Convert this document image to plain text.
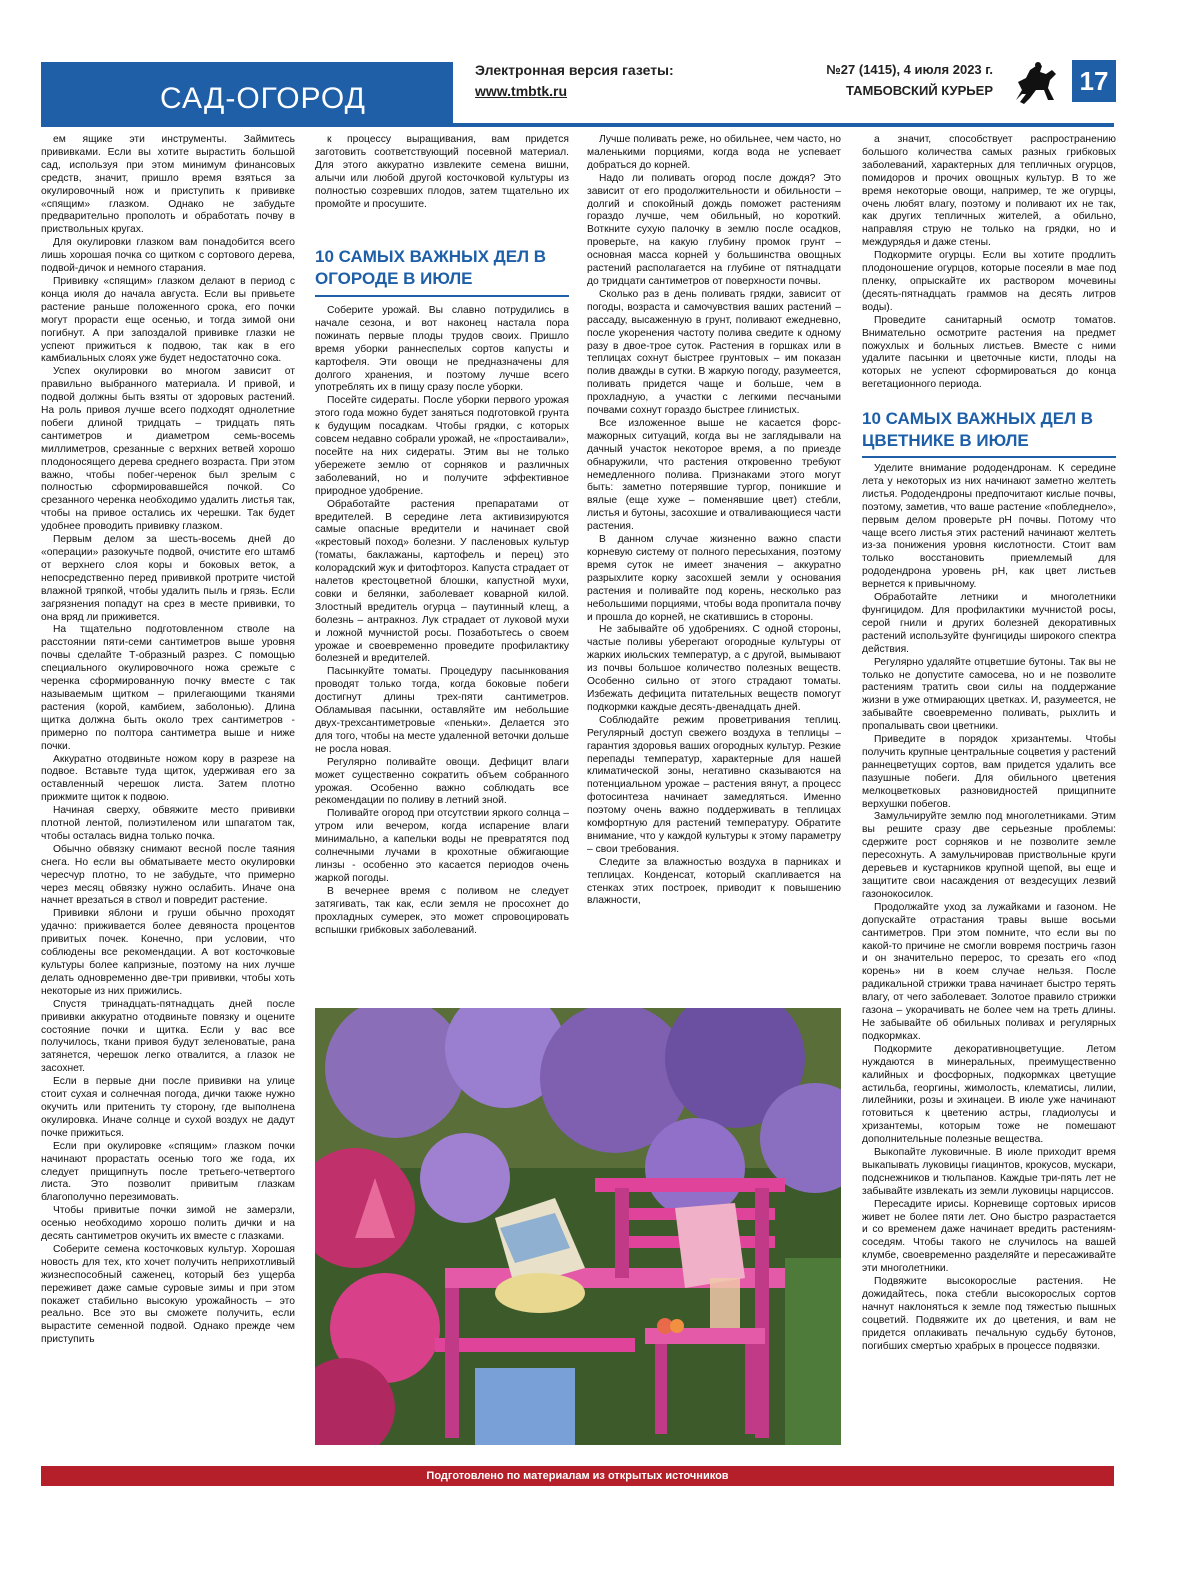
САД-ОГОРОД
Электронная версия газеты:
www.tmbtk.ru
№27 (1415), 4 июля 2023 г.
ТАМБОВСКИЙ КУРЬЕР	17

ем ящике эти инструменты. Займитесь прививками. Если вы хотите вырастить большой сад, используя при этом минимум финансовых средств, значит, пришло время взяться за окулировочный нож и приступить к прививке «спящим» глазком. Однако не забудьте предварительно прополоть и обработать почву в приствольных кругах.

Для окулировки глазком вам понадобится всего лишь хорошая почка со щитком с сортового дерева, подвой-дичок и немного старания.

Прививку «спящим» глазком делают в период с конца июля до начала августа. Если вы привьете растение раньше положенного срока, его почки могут прорасти еще осенью, и тогда зимой они погибнут. А при запоздалой прививке глазки не успеют прижиться к подвою, так как в его камбиальных слоях уже будет недостаточно сока.

Успех окулировки во многом зависит от правильно выбранного материала. И привой, и подвой должны быть взяты от здоровых растений. На роль привоя лучше всего подходят однолетние побеги длиной тридцать – тридцать пять сантиметров и диаметром семь-восемь миллиметров, срезанные с верхних ветвей хорошо плодоносящего дерева среднего возраста. При этом важно, чтобы побег-черенок был зрелым с полностью сформировавшейся почкой. Со срезанного черенка необходимо удалить листья так, чтобы на привое остались их черешки. Так будет удобнее проводить прививку глазком.

Первым делом за шесть-восемь дней до «операции» разокучьте подвой, очистите его штамб от верхнего слоя коры и боковых веток, а непосредственно перед прививкой протрите чистой влажной тряпкой, чтобы удалить пыль и грязь. Если загрязнения попадут на срез в месте прививки, то она вряд ли приживется.

На тщательно подготовленном стволе на расстоянии пяти-семи сантиметров выше уровня почвы сделайте Т-образный разрез. С помощью специального окулировочного ножа срежьте с черенка сформированную почку вместе с так называемым щитком – прилегающими тканями растения (корой, камбием, заболонью). Длина щитка должна быть около трех сантиметров - примерно по полтора сантиметра выше и ниже почки.

Аккуратно отодвиньте ножом кору в разрезе на подвое. Вставьте туда щиток, удерживая его за оставленный черешок листа. Затем плотно прижмите щиток к подвою.

Начиная сверху, обвяжите место прививки плотной лентой, полиэтиленом или шпагатом так, чтобы осталась видна только почка.

Обычно обвязку снимают весной после таяния снега. Но если вы обматываете место окулировки чересчур плотно, то не забудьте, что примерно через месяц обвязку нужно ослабить. Иначе она начнет врезаться в ствол и повредит растение.

Прививки яблони и груши обычно проходят удачно: приживается более девяноста процентов привитых почек. Конечно, при условии, что соблюдены все рекомендации. А вот косточковые культуры более капризные, поэтому на них лучше делать одновременно две-три прививки, чтобы хоть некоторые из них прижились.

Спустя тринадцать-пятнадцать дней после прививки аккуратно отодвиньте повязку и оцените состояние почки и щитка. Если у вас все получилось, ткани привоя будут зеленоватые, рана затянется, черешок легко отвалится, а глазок не засохнет.

Если в первые дни после прививки на улице стоит сухая и солнечная погода, дички также нужно окучить или притенить ту сторону, где выполнена окулировка. Иначе солнце и сухой воздух не дадут почке прижиться.

Если при окулировке «спящим» глазком почки начинают прорастать осенью того же года, их следует прищипнуть после третьего-четвертого листа. Это позволит привитым глазкам благополучно перезимовать.

Чтобы привитые почки зимой не замерзли, осенью необходимо хорошо полить дички и на десять сантиметров окучить их вместе с глазками.

Соберите семена косточковых культур. Хорошая новость для тех, кто хочет получить неприхотливый жизнеспособный саженец, который без ущерба переживет даже самые суровые зимы и при этом покажет стабильно высокую урожайность – это реально. Все это вы сможете получить, если вырастите семенной подвой. Однако прежде чем приступить

к процессу выращивания, вам придется заготовить соответствующий посевной материал. Для этого аккуратно извлеките семена вишни, алычи или любой другой косточковой культуры из полностью созревших плодов, затем тщательно их промойте и просушите.

10 САМЫХ ВАЖНЫХ ДЕЛ В ОГОРОДЕ В ИЮЛЕ

Соберите урожай. Вы славно потрудились в начале сезона, и вот наконец настала пора пожинать первые плоды трудов своих. Пришло время уборки раннеспелых сортов капусты и картофеля. Эти овощи не предназначены для долгого хранения, и поэтому лучше всего употреблять их в пищу сразу после уборки.

Посейте сидераты. После уборки первого урожая этого года можно будет заняться подготовкой грунта к будущим посадкам. Чтобы грядки, с которых совсем недавно собрали урожай, не «простаивали», посейте на них сидераты. Этим вы не только убережете землю от сорняков и различных заболеваний, но и получите эффективное природное удобрение.

Обработайте растения препаратами от вредителей. В середине лета активизируются самые опасные вредители и начинает свой «крестовый поход» болезни. У пасленовых культур (томаты, баклажаны, картофель и перец) это колорадский жук и фитофтороз. Капуста страдает от налетов крестоцветной блошки, капустной мухи, совки и белянки, заболевает коварной килой. Злостный вредитель огурца – паутинный клещ, а болезнь – антракноз. Лук страдает от луковой мухи и ложной мучнистой росы. Позаботьтесь о своем урожае и своевременно проведите профилактику болезней и вредителей.

Пасынкуйте томаты. Процедуру пасынкования проводят только тогда, когда боковые побеги достигнут длины трех-пяти сантиметров. Обламывая пасынки, оставляйте им небольшие двух-трехсантиметровые «пеньки». Делается это для того, чтобы на месте удаленной веточки дольше не росла новая.

Регулярно поливайте овощи. Дефицит влаги может существенно сократить объем собранного урожая. Особенно важно соблюдать все рекомендации по поливу в летний зной.

Поливайте огород при отсутствии яркого солнца – утром или вечером, когда испарение влаги минимально, а капельки воды не превратятся под солнечными лучами в крохотные обжигающие линзы - особенно это касается периодов очень жаркой погоды.

В вечернее время с поливом не следует затягивать, так как, если земля не просохнет до прохладных сумерек, это может спровоцировать вспышки грибковых заболеваний.

Лучше поливать реже, но обильнее, чем часто, но маленькими порциями, когда вода не успевает добраться до корней.

Надо ли поливать огород после дождя? Это зависит от его продолжительности и обильности – долгий и спокойный дождь поможет растениям гораздо лучше, чем обильный, но короткий. Воткните сухую палочку в землю после осадков, проверьте, на какую глубину промок грунт – основная масса корней у большинства овощных растений располагается на глубине от пятнадцати до тридцати сантиметров от поверхности почвы.

Сколько раз в день поливать грядки, зависит от погоды, возраста и самочувствия ваших растений – рассаду, высаженную в грунт, поливают ежедневно, после укоренения частоту полива сведите к одному разу в двое-трое суток. Растения в горшках или в теплицах сохнут быстрее грунтовых – им показан полив дважды в сутки. В жаркую погоду, разумеется, поливать придется чаще и больше, чем в прохладную, а участки с легкими песчаными почвами сохнут гораздо быстрее глинистых.

Все изложенное выше не касается форс-мажорных ситуаций, когда вы не заглядывали на дачный участок некоторое время, а по приезде обнаружили, что растения откровенно требуют немедленного полива. Признаками этого могут быть: заметно потерявшие тургор, поникшие и вялые (еще хуже – поменявшие цвет) стебли, листья и бутоны, засохшие и отваливающиеся части растения.

В данном случае жизненно важно спасти корневую систему от полного пересыхания, поэтому время суток не имеет значения – аккуратно разрыхлите корку засохшей земли у основания растения и поливайте под корень, несколько раз небольшими порциями, чтобы вода пропитала почву и прошла до корней, не скатившись в стороны.

Не забывайте об удобрениях. С одной стороны, частые поливы уберегают огородные культуры от жарких июльских температур, а с другой, вымывают из почвы большое количество полезных веществ. Особенно сильно от этого страдают томаты. Избежать дефицита питательных веществ помогут подкормки каждые десять-двенадцать дней.

Соблюдайте режим проветривания теплиц. Регулярный доступ свежего воздуха в теплицы – гарантия здоровья ваших огородных культур. Резкие перепады температур, характерные для нашей климатической зоны, негативно сказываются на потенциальном урожае – растения вянут, а процесс фотосинтеза начинает замедляться. Именно поэтому очень важно поддерживать в теплицах комфортную для растений температуру. Обратите внимание, что у каждой культуры к этому параметру – свои требования.

Следите за влажностью воздуха в парниках и теплицах. Конденсат, который скапливается на стенках этих построек, приводит к повышению влажности,

а значит, способствует распространению большого количества самых разных грибковых заболеваний, характерных для тепличных огурцов, помидоров и прочих овощных культур. В то же время некоторые овощи, например, те же огурцы, очень любят влагу, поэтому и поливают их не так, как других тепличных жителей, а обильно, направляя струю не только на грядки, но и междурядья и даже стены.

Подкормите огурцы. Если вы хотите продлить плодоношение огурцов, которые посеяли в мае под пленку, опрыскайте их раствором мочевины (десять-пятнадцать граммов на десять литров воды).

Проведите санитарный осмотр томатов. Внимательно осмотрите растения на предмет пожухлых и больных листьев. Вместе с ними удалите пасынки и цветочные кисти, плоды на которых не успеют сформироваться до конца вегетационного периода.

10 САМЫХ ВАЖНЫХ ДЕЛ В ЦВЕТНИКЕ В ИЮЛЕ

Уделите внимание рододендронам. К середине лета у некоторых из них начинают заметно желтеть листья. Рододендроны предпочитают кислые почвы, поэтому, заметив, что ваше растение «побледнело», первым делом проверьте pH почвы. Потому что чаще всего листья этих растений начинают желтеть из-за понижения уровня кислотности. Стоит вам только восстановить приемлемый для рододендрона уровень pH, как цвет листьев вернется к привычному.

Обработайте летники и многолетники фунгицидом. Для профилактики мучнистой росы, серой гнили и других болезней декоративных растений используйте фунгициды широкого спектра действия.

Регулярно удаляйте отцветшие бутоны. Так вы не только не допустите самосева, но и не позволите растениям тратить свои силы на поддержание жизни в уже отмирающих цветках. И, разумеется, не забывайте своевременно поливать, рыхлить и пропалывать свои цветники.

Приведите в порядок хризантемы. Чтобы получить крупные центральные соцветия у растений раннецветущих сортов, вам придется удалить все пазушные побеги. Для обильного цветения мелкоцветковых разновидностей прищипните верхушки побегов.

Замульчируйте землю под многолетниками. Этим вы решите сразу две серьезные проблемы: сдержите рост сорняков и не позволите земле пересохнуть. А замульчировав приствольные круги деревьев и кустарников крупной щепой, вы еще и защитите свои насаждения от вездесущих лезвий газонокосилок.

Продолжайте уход за лужайками и газоном. Не допускайте отрастания травы выше восьми сантиметров. При этом помните, что если вы по какой-то причине не смогли вовремя постричь газон и он значительно перерос, то срезать его «под корень» ни в коем случае нельзя. После радикальной стрижки трава начинает быстро терять влагу, от чего заболевает. Золотое правило стрижки газона – укорачивать не более чем на треть длины. Не забывайте об обильных поливах и регулярных подкормках.

Подкормите декоративноцветущие. Летом нуждаются в минеральных, преимущественно калийных и фосфорных, подкормках цветущие астильба, георгины, жимолость, клематисы, лилии, лилейники, розы и эхинацеи. В июле уже начинают готовиться к цветению астры, гладиолусы и хризантемы, которым тоже не помешают дополнительные полезные вещества.

Выкопайте луковичные. В июле приходит время выкапывать луковицы гиацинтов, крокусов, мускари, подснежников и тюльпанов. Каждые три-пять лет не забывайте извлекать из земли луковицы нарциссов.

Пересадите ирисы. Корневище сортовых ирисов живет не более пяти лет. Оно быстро разрастается и со временем даже начинает вредить растениям-соседям. Чтобы такого не случилось на вашей клумбе, своевременно разделяйте и пересаживайте эти многолетники.

Подвяжите высокорослые растения. Не дожидайтесь, пока стебли высокорослых сортов начнут наклоняться к земле под тяжестью пышных соцветий. Подвяжите их до цветения, и вам не придется оплакивать печальную судьбу бутонов, погибших смертью храбрых в процессе подвязки.

Подготовлено по материалам из открытых источников
